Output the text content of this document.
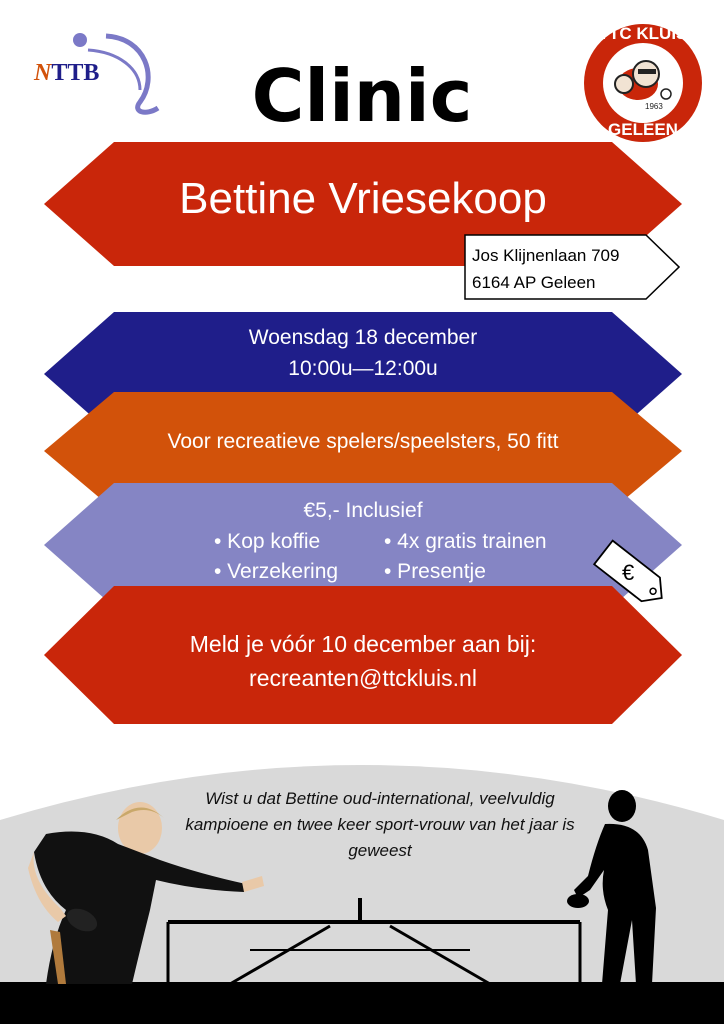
NTTB
TTC KLUIS
GELEEN
1963
Clinic
Bettine Vriesekoop
Jos Klijnenlaan 709
6164 AP Geleen
Woensdag 18 december
10:00u—12:00u
Voor recreatieve spelers/speelsters, 50 fitt
€5,- Inclusief
• Kop koffie
• Verzekering
• 4x gratis trainen
• Presentje	€
Meld je vóór 10 december aan bij:
recreanten@ttckluis.nl
Wist u dat Bettine oud-international, veelvuldig kampioene en twee keer sport-vrouw van het jaar is geweest
